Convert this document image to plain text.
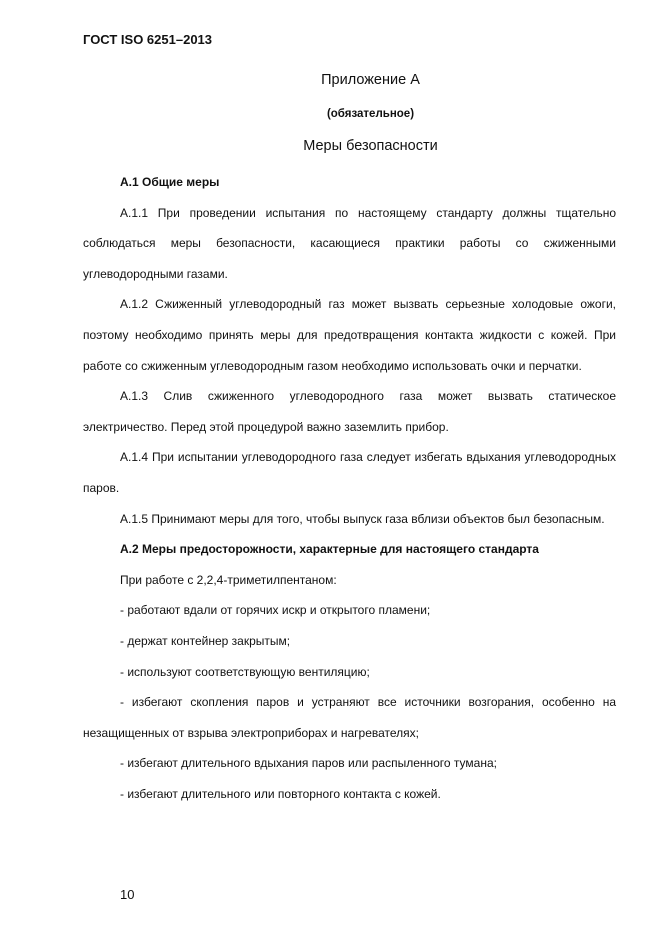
ГОСТ ISO 6251–2013
Приложение А
(обязательное)
Меры безопасности

А.1 Общие меры

А.1.1 При проведении испытания по настоящему стандарту должны тщательно соблюдаться меры безопасности, касающиеся практики работы со сжиженными углеводородными газами.

А.1.2 Сжиженный углеводородный газ может вызвать серьезные холодовые ожоги, поэтому необходимо принять меры для предотвращения контакта жидкости с кожей. При работе со сжиженным углеводородным газом необходимо использовать очки и перчатки.

А.1.3 Слив сжиженного углеводородного газа может вызвать статическое электричество. Перед этой процедурой важно заземлить прибор.

А.1.4 При испытании углеводородного газа следует избегать вдыхания углеводородных паров.

А.1.5 Принимают меры для того, чтобы выпуск газа вблизи объектов был безопасным.

А.2 Меры предосторожности, характерные для настоящего стандарта

При работе с 2,2,4-триметилпентаном:

- работают вдали от горячих искр и открытого пламени;

- держат контейнер закрытым;

- используют соответствующую вентиляцию;

- избегают скопления паров и устраняют все источники возгорания, особенно на незащищенных от взрыва электроприборах и нагревателях;

- избегают длительного вдыхания паров или распыленного тумана;

- избегают длительного или повторного контакта с кожей.

10
